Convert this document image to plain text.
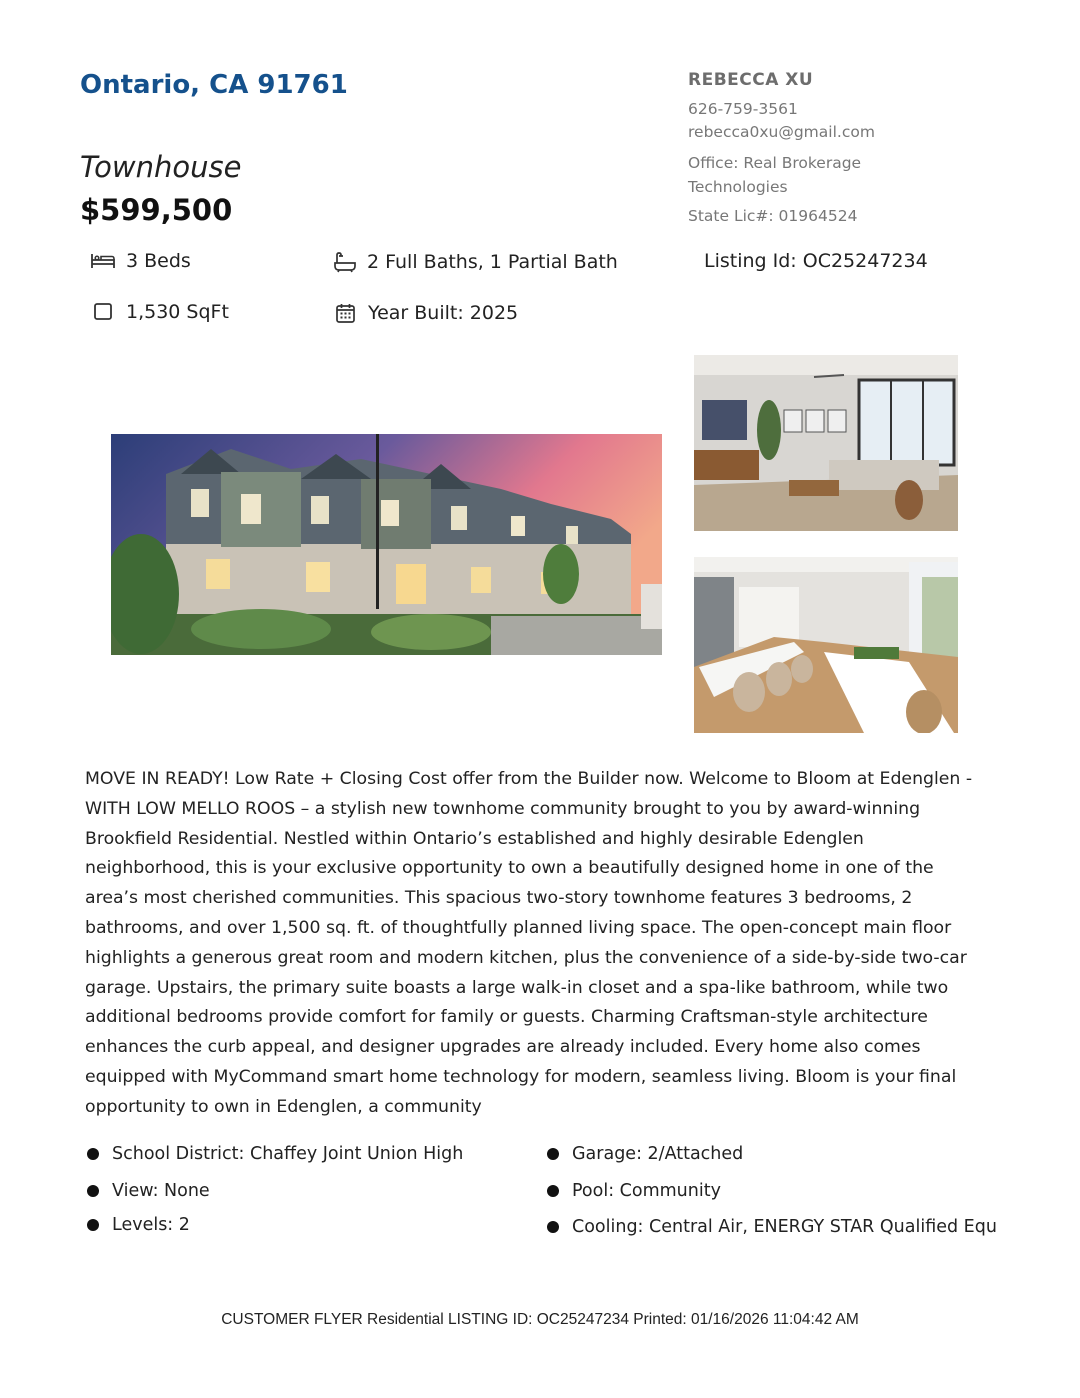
Ontario, CA 91761
Townhouse
$599,500
REBECCA XU
626-759-3561
rebecca0xu@gmail.com
Office: Real Brokerage Technologies
State Lic#: 01964524
3 Beds	2 Full Baths, 1 Partial Bath	Listing Id: OC25247234
1,530 SqFt	Year Built: 2025
MOVE IN READY! Low Rate + Closing Cost offer from the Builder now. Welcome to Bloom at Edenglen - WITH LOW MELLO ROOS – a stylish new townhome community brought to you by award-winning Brookfield Residential. Nestled within Ontario’s established and highly desirable Edenglen neighborhood, this is your exclusive opportunity to own a beautifully designed home in one of the area’s most cherished communities. This spacious two-story townhome features 3 bedrooms, 2 bathrooms, and over 1,500 sq. ft. of thoughtfully planned living space. The open-concept main floor highlights a generous great room and modern kitchen, plus the convenience of a side-by-side two-car garage. Upstairs, the primary suite boasts a large walk-in closet and a spa-like bathroom, while two additional bedrooms provide comfort for family or guests. Charming Craftsman-style architecture enhances the curb appeal, and designer upgrades are already included. Every home also comes equipped with MyCommand smart home technology for modern, seamless living. Bloom is your final opportunity to own in Edenglen, a community
School District: Chaffey Joint Union High
View: None
Levels: 2
Garage: 2/Attached
Pool: Community
Cooling: Central Air, ENERGY STAR Qualified Equ
CUSTOMER FLYER Residential LISTING ID: OC25247234 Printed: 01/16/2026 11:04:42 AM
